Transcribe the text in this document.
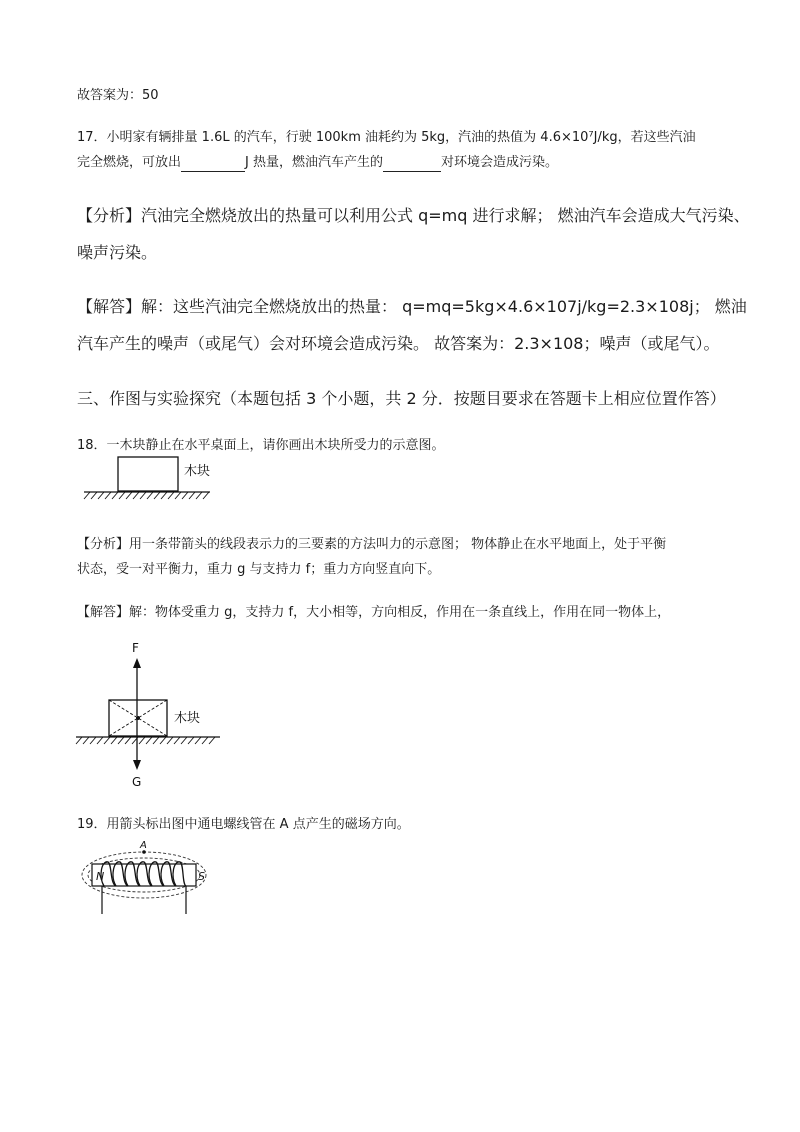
故答案为：50
17．小明家有辆排量 1.6L 的汽车，行驶 100km 油耗约为 5kg，汽油的热值为 4.6×10⁷J/kg，若这些汽油
完全燃烧，可放出	J 热量，燃油汽车产生的	对环境会造成污染。
【分析】汽油完全燃烧放出的热量可以利用公式 q=mq 进行求解； 燃油汽车会造成大气污染、
噪声污染。
【解答】解：这些汽油完全燃烧放出的热量： q=mq=5kg×4.6×107j/kg=2.3×108j； 燃油
汽车产生的噪声（或尾气）会对环境会造成污染。 故答案为：2.3×108；噪声（或尾气）。
三、作图与实验探究（本题包括 3 个小题，共 2 分．按题目要求在答题卡上相应位置作答）
18．一木块静止在水平桌面上，请你画出木块所受力的示意图。
木块
【分析】用一条带箭头的线段表示力的三要素的方法叫力的示意图； 物体静止在水平地面上，处于平衡
状态，受一对平衡力，重力 g 与支持力 f；重力方向竖直向下。
【解答】解：物体受重力 g，支持力 f，大小相等，方向相反，作用在一条直线上，作用在同一物体上，
F
木块
G
19．用箭头标出图中通电螺线管在 A 点产生的磁场方向。
A
N	S
